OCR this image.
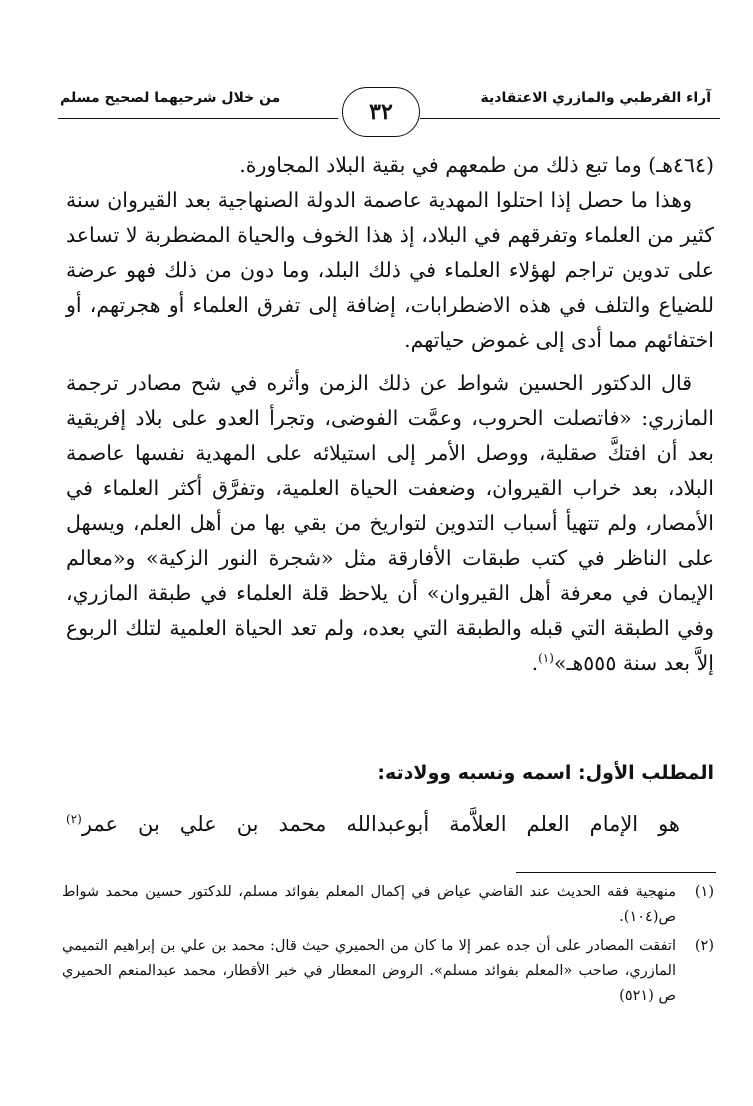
آراء القرطبي والمازري الاعتقادية
من خلال شرحيهما لصحيح مسلم
٣٢

(٤٦٤هـ) وما تبع ذلك من طمعهم في بقية البلاد المجاورة.

وهذا ما حصل إذا احتلوا المهدية عاصمة الدولة الصنهاجية بعد القيروان سنة كثير من العلماء وتفرقهم في البلاد، إذ هذا الخوف والحياة المضطربة لا تساعد على تدوين تراجم لهؤلاء العلماء في ذلك البلد، وما دون من ذلك فهو عرضة للضياع والتلف في هذه الاضطرابات، إضافة إلى تفرق العلماء أو هجرتهم، أو اختفائهم مما أدى إلى غموض حياتهم.

قال الدكتور الحسين شواط عن ذلك الزمن وأثره في شح مصادر ترجمة المازري: «فاتصلت الحروب، وعمَّت الفوضى، وتجرأ العدو على بلاد إفريقية بعد أن افتكَّ صقلية، ووصل الأمر إلى استيلائه على المهدية نفسها عاصمة البلاد، بعد خراب القيروان، وضعفت الحياة العلمية، وتفرَّق أكثر العلماء في الأمصار، ولم تتهيأ أسباب التدوين لتواريخ من بقي بها من أهل العلم، ويسهل على الناظر في كتب طبقات الأفارقة مثل «شجرة النور الزكية» و«معالم الإيمان في معرفة أهل القيروان» أن يلاحظ قلة العلماء في طبقة المازري، وفي الطبقة التي قبله والطبقة التي بعده، ولم تعد الحياة العلمية لتلك الربوع إلاَّ بعد سنة ٥٥٥هـ»$^{(١)}$.

المطلب الأول: اسمه ونسبه وولادته:
هو الإمام العلم العلاَّمة أبوعبدالله محمد بن علي بن عمر$^{(٢)}$
(١)
منهجية فقه الحديث عند القاضي عياض في إكمال المعلم بفوائد مسلم، للدكتور حسين محمد شواط ص(١٠٤).
(٢)
اتفقت المصادر على أن جده عمر إلا ما كان من الحميري حيث قال: محمد بن علي بن إبراهيم التميمي المازري، صاحب «المعلم بفوائد مسلم». الروض المعطار في خبر الأقطار، محمد عبدالمنعم الحميري ص (٥٢١)
